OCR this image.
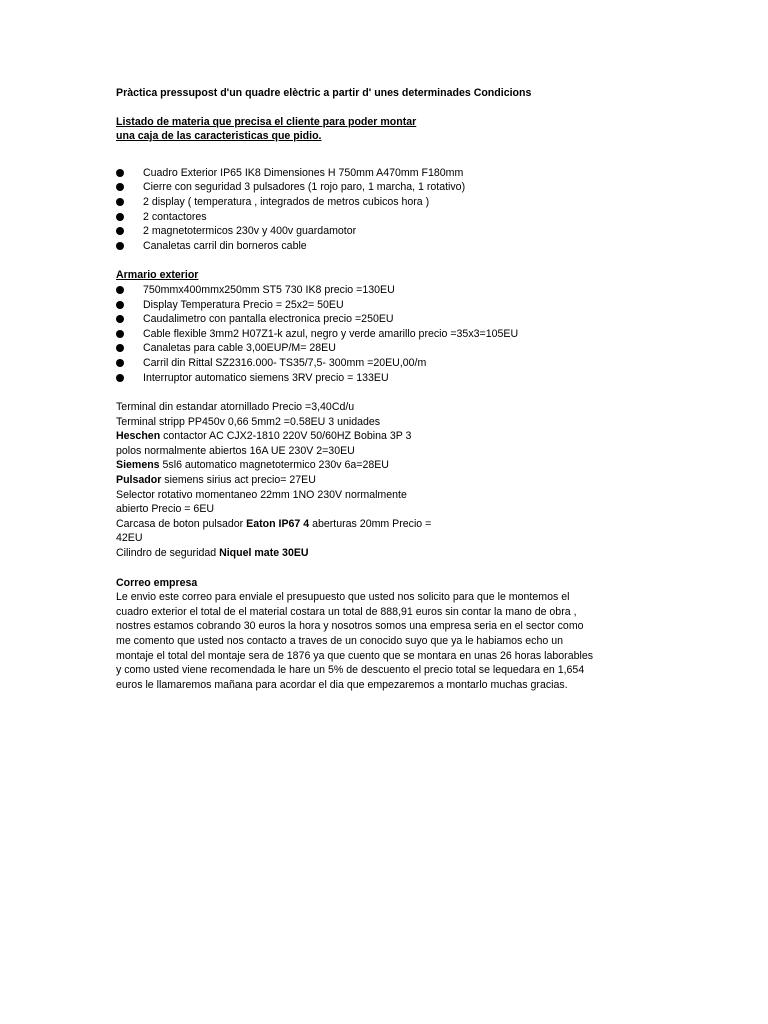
Pràctica pressupost d'un quadre elèctric a partir d' unes determinades Condicions

Listado de materia que precisa el cliente para poder montar

una caja de las caracteristicas que pidio.

Cuadro Exterior IP65 IK8 Dimensiones H 750mm A470mm F180mm
Cierre con seguridad 3 pulsadores (1 rojo paro, 1 marcha, 1 rotativo)
2 display ( temperatura , integrados de metros cubicos hora )
2 contactores
2 magnetotermicos 230v y 400v guardamotor
Canaletas carril din borneros cable

Armario exterior

750mmx400mmx250mm ST5 730 IK8 precio =130EU
Display Temperatura Precio = 25x2= 50EU
Caudalimetro con pantalla electronica precio =250EU
Cable flexible 3mm2 H07Z1-k azul, negro y verde amarillo precio =35x3=105EU
Canaletas para cable 3,00EUP/M= 28EU
Carril din Rittal SZ2316.000- TS35/7,5- 300mm =20EU,00/m
Interruptor automatico siemens 3RV precio = 133EU

Terminal din estandar atornillado Precio =3,40Cd/u

Terminal stripp PP450v 0,66 5mm2 =0.58EU 3 unidades

Heschen contactor AC CJX2-1810 220V 50/60HZ Bobina 3P 3

polos normalmente abiertos 16A UE 230V 2=30EU

Siemens 5sl6 automatico magnetotermico 230v 6a=28EU

Pulsador siemens sirius act precio= 27EU

Selector rotativo momentaneo 22mm 1NO 230V normalmente

abierto Precio = 6EU

Carcasa de boton pulsador Eaton IP67 4 aberturas 20mm Precio =

42EU

Cilindro de seguridad Niquel mate 30EU

Correo empresa

Le envio este correo para enviale el presupuesto que usted nos solicito para que le montemos el

cuadro exterior el total de el material costara un total de 888,91 euros sin contar la mano de obra ,

nostres estamos cobrando 30 euros la hora y nosotros somos una empresa seria en el sector como

me comento que usted nos contacto a traves de un conocido suyo que ya le habiamos echo un

montaje el total del montaje sera de 1876 ya que cuento que se montara en unas 26 horas laborables

y como usted viene recomendada le hare un 5% de descuento el precio total se lequedara en 1,654

euros le llamaremos mañana para acordar el dia que empezaremos a montarlo muchas gracias.
